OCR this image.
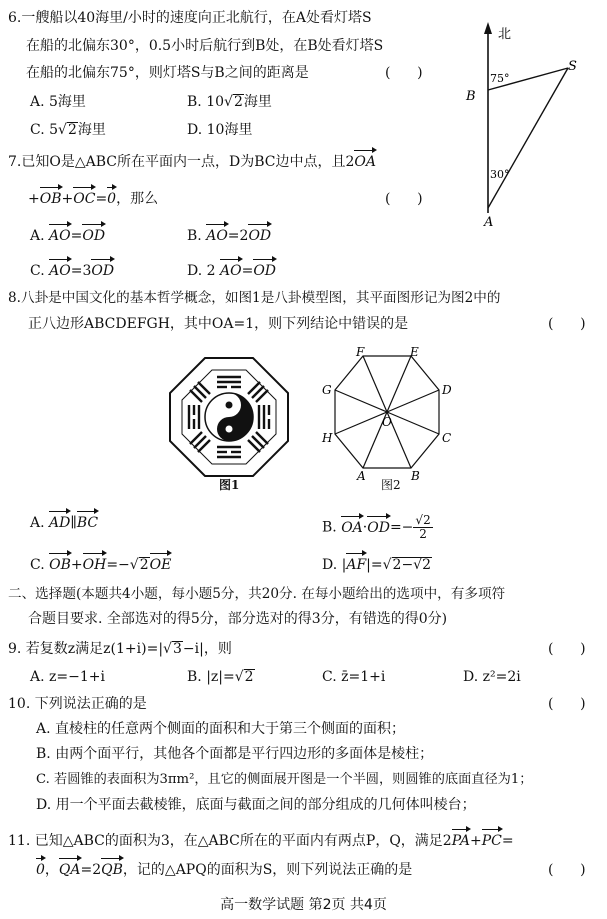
6.一艘船以40海里/小时的速度向正北航行，在A处看灯塔S
在船的北偏东30°，0.5小时后航行到B处，在B处看灯塔S
在船的北偏东75°，则灯塔S与B之间的距离是	(      )
A. 5海里	B. 10√2海里
C. 5√2海里	D. 10海里
北
S
B
A
75°
30°
7.已知O是△ABC所在平面内一点，D为BC边中点，且2OA
+OB+OC=0，那么	(      )
A. AO=OD	B. AO=2OD
C. AO=3OD	D. 2 AO=OD
8.八卦是中国文化的基本哲学概念，如图1是八卦模型图，其平面图形记为图2中的
正八边形ABCDEFGH，其中OA=1，则下列结论中错误的是	(      )
图1
A	B
C
D
E
F
G
H
O
图2
A. AD∥BC	B. $OA\cdot OD=- \frac{√2}{2}$
C. OB+OH=−√2OE	D. |AF|=√2−√2
二、选择题(本题共4小题，每小题5分，共20分. 在每小题给出的选项中，有多项符
合题目要求. 全部选对的得5分，部分选对的得3分，有错选的得0分)
9. 若复数z满足z(1+i)=|√3−i|，则	(      )
A. z=−1+i	B. |z|=√2	C. z̄=1+i	D. z²=2i
10. 下列说法正确的是	(      )
A. 直棱柱的任意两个侧面的面积和大于第三个侧面的面积；
B. 由两个面平行，其他各个面都是平行四边形的多面体是棱柱；
C. 若圆锥的表面积为3πm²，且它的侧面展开图是一个半圆，则圆锥的底面直径为1；
D. 用一个平面去截棱锥，底面与截面之间的部分组成的几何体叫棱台；
11. 已知△ABC的面积为3，在△ABC所在的平面内有两点P，Q，满足2PA+PC=
0，QA=2QB，记的△APQ的面积为S，则下列说法正确的是	(      )
高一数学试题 第2页 共4页
